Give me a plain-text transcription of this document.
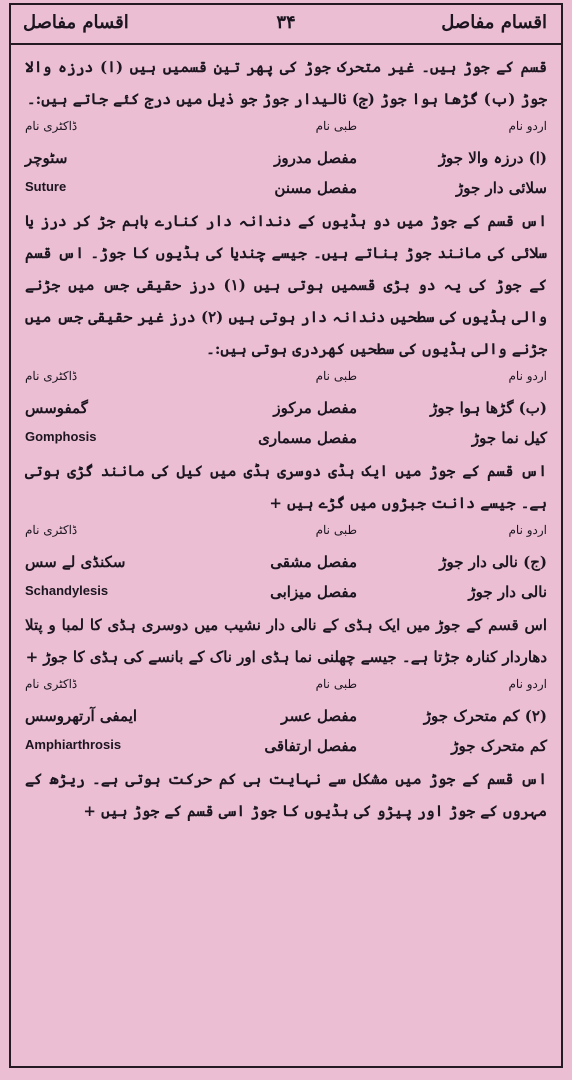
اقسام مفاصل
۳۴
اقسام مفاصل

قسم کے جوڑ ہیں۔ غیر متحرک جوڑ کی پھر تین قسمیں ہیں (ا) درزہ والا جوڑ (ب) گڑھا ہوا جوڑ (ج) نالیدار جوڑ جو ذیل میں درج کئے جاتے ہیں:۔

اردو نام
طبی نام
ڈاکٹری نام
(ا) درزہ والا جوڑ
مفصل مدروز
سٹوچر
سلائی دار جوڑ
مفصل مسنن
Suture

اس قسم کے جوڑ میں دو ہڈیوں کے دندانہ دار کنارے باہم جڑ کر درز یا سلائی کی مانند جوڑ بناتے ہیں۔ جیسے چندیا کی ہڈیوں کا جوڑ۔ اس قسم کے جوڑ کی یہ دو بڑی قسمیں ہوتی ہیں (۱) درز حقیقی جس میں جڑنے والی ہڈیوں کی سطحیں دندانہ دار ہوتی ہیں (۲) درز غیر حقیقی جس میں جڑنے والی ہڈیوں کی سطحیں کھردری ہوتی ہیں:۔

اردو نام
طبی نام
ڈاکٹری نام
(ب) گڑھا ہوا جوڑ
مفصل مرکوز
گمفوسس
کیل نما جوڑ
مفصل مسماری
Gomphosis

اس قسم کے جوڑ میں ایک ہڈی دوسری ہڈی میں کیل کی مانند گڑی ہوتی ہے۔ جیسے دانت جبڑوں میں گڑے ہیں +

اردو نام
طبی نام
ڈاکٹری نام
(ج) نالی دار جوڑ
مفصل مشقی
سکنڈی لے سس
نالی دار جوڑ
مفصل میزابی
Schandylesis

اس قسم کے جوڑ میں ایک ہڈی کے نالی دار نشیب میں دوسری ہڈی کا لمبا و پتلا دھاردار کنارہ جڑتا ہے۔ جیسے چھلنی نما ہڈی اور ناک کے بانسے کی ہڈی کا جوڑ +

اردو نام
طبی نام
ڈاکٹری نام
(۲) کم متحرک جوڑ
مفصل عسر
ایمفی آرتھروسس
کم متحرک جوڑ
مفصل ارتفاقی
Amphiarthrosis

اس قسم کے جوڑ میں مشکل سے نہایت ہی کم حرکت ہوتی ہے۔ ریڑھ کے مہروں کے جوڑ اور پیڑو کی ہڈیوں کا جوڑ اسی قسم کے جوڑ ہیں +
